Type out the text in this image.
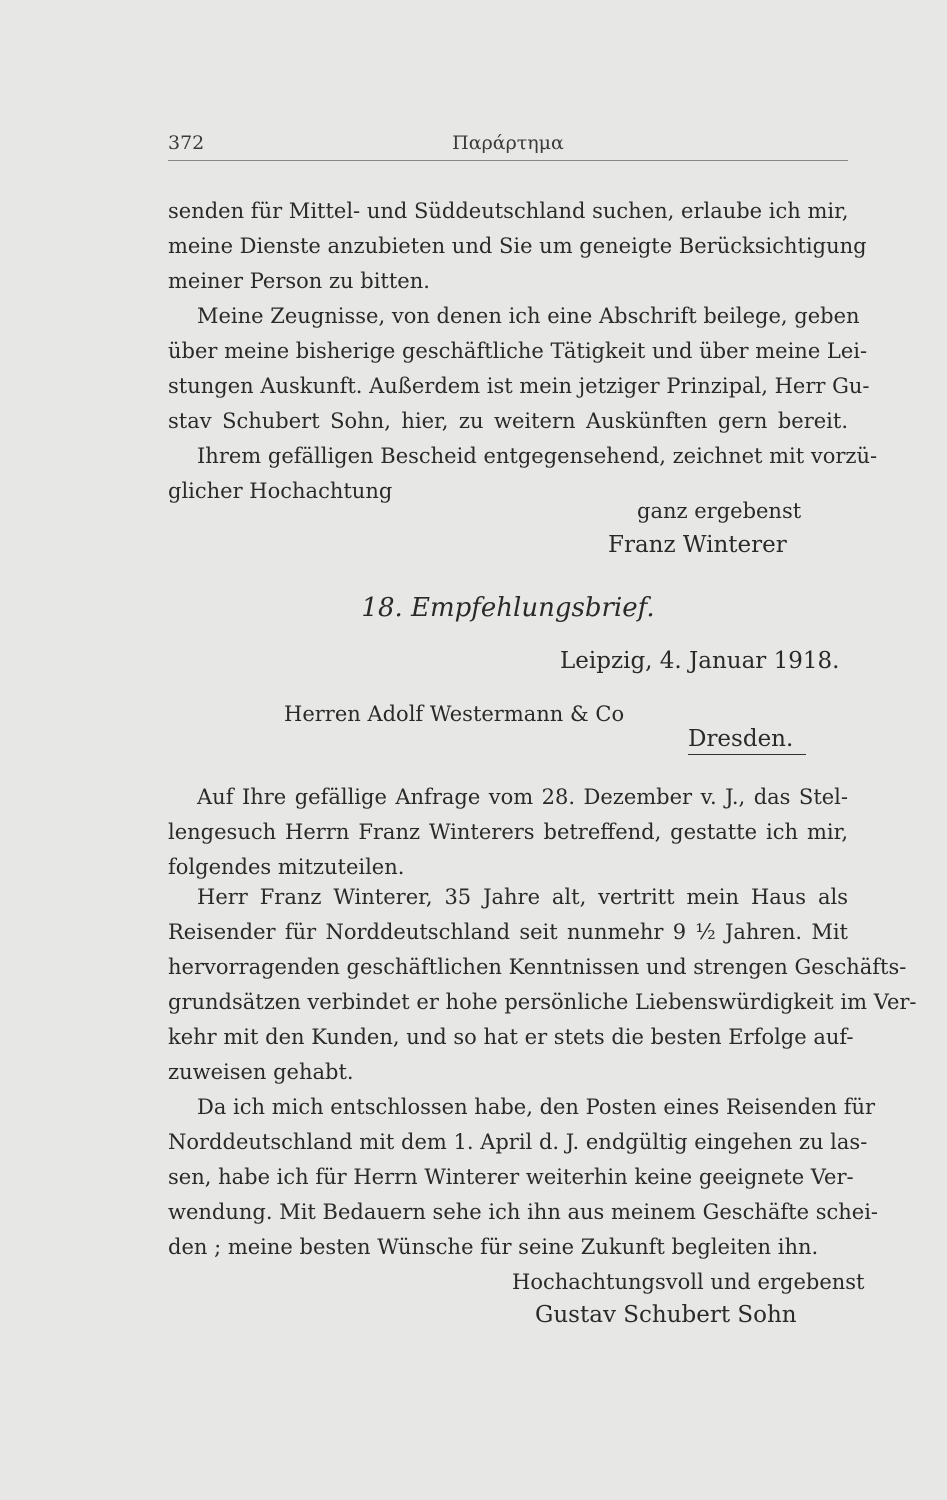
372	Παράρτημα
senden für Mittel- und Süddeutschland suchen, erlaube ich mir,
meine Dienste anzubieten und Sie um geneigte Berücksichtigung
meiner Person zu bitten.
Meine Zeugnisse, von denen ich eine Abschrift beilege, geben
über meine bisherige geschäftliche Tätigkeit und über meine Lei-
stungen Auskunft. Außerdem ist mein jetziger Prinzipal, Herr Gu-
stav Schubert Sohn, hier, zu weitern Auskünften gern bereit.
Ihrem gefälligen Bescheid entgegensehend, zeichnet mit vorzü-
glicher Hochachtung
ganz ergebenst
Franz Winterer
18. Empfehlungsbrief.
Leipzig, 4. Januar 1918.
Herren Adolf Westermann & Co
Dresden.
Auf Ihre gefällige Anfrage vom 28. Dezember v. J., das Stel-
lengesuch Herrn Franz Winterers betreffend, gestatte ich mir,
folgendes mitzuteilen.
Herr Franz Winterer, 35 Jahre alt, vertritt mein Haus als
Reisender für Norddeutschland seit nunmehr 9 ½ Jahren. Mit
hervorragenden geschäftlichen Kenntnissen und strengen Geschäfts-
grundsätzen verbindet er hohe persönliche Liebenswürdigkeit im Ver-
kehr mit den Kunden, und so hat er stets die besten Erfolge auf-
zuweisen gehabt.
Da ich mich entschlossen habe, den Posten eines Reisenden für
Norddeutschland mit dem 1. April d. J. endgültig eingehen zu las-
sen, habe ich für Herrn Winterer weiterhin keine geeignete Ver-
wendung. Mit Bedauern sehe ich ihn aus meinem Geschäfte schei-
den ; meine besten Wünsche für seine Zukunft begleiten ihn.
Hochachtungsvoll und ergebenst
Gustav Schubert Sohn
